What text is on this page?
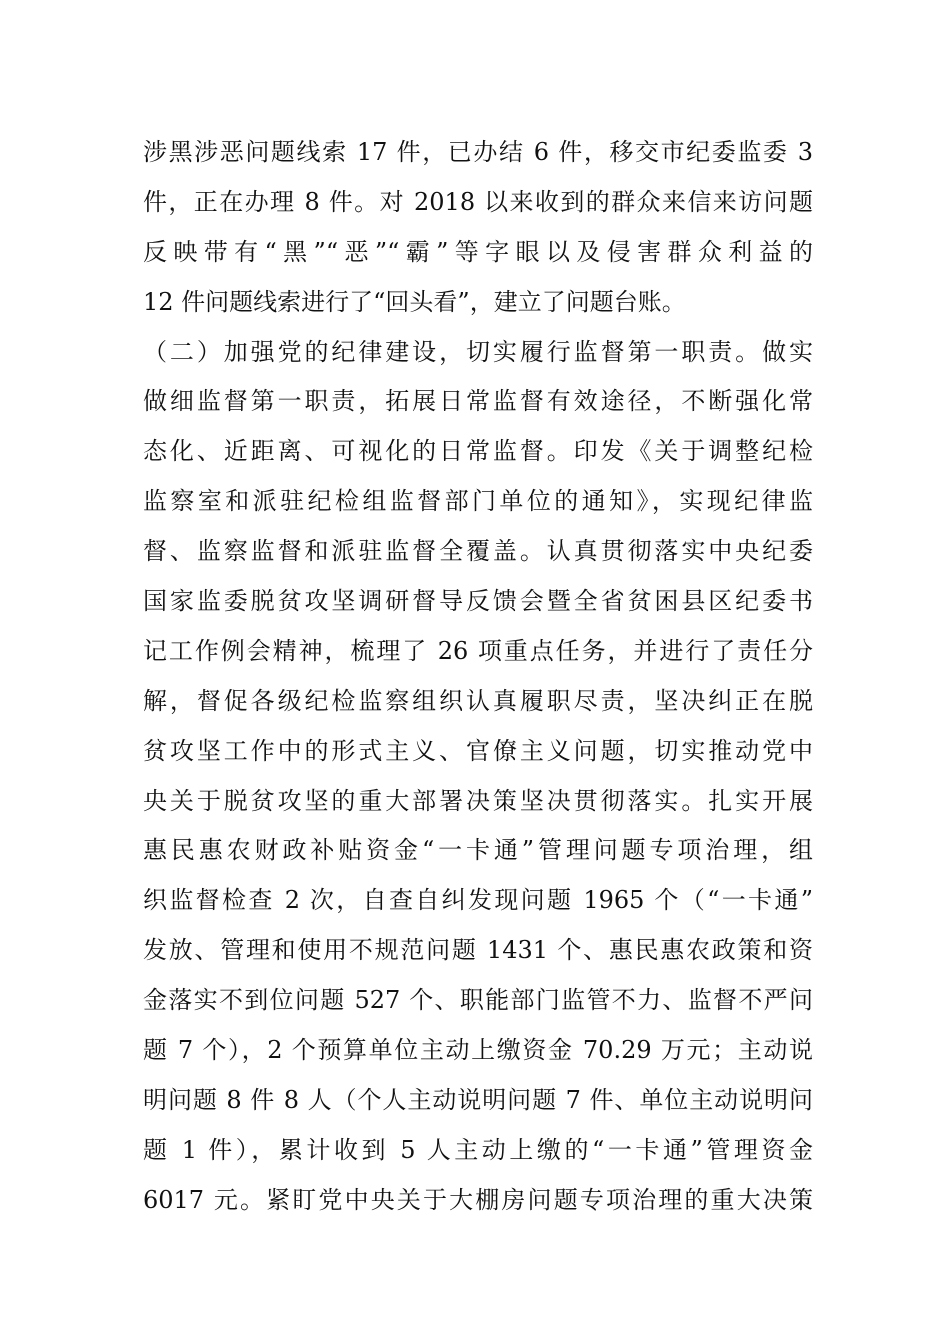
涉黑涉恶问题线索 17 件，已办结 6 件，移交市纪委监委 3
件，正在办理 8 件。对 2018 以来收到的群众来信来访问题
反映带有“黑”“恶”“霸”等字眼以及侵害群众利益的
12 件问题线索进行了“回头看”，建立了问题台账。
（二）加强党的纪律建设，切实履行监督第一职责。做实
做细监督第一职责，拓展日常监督有效途径，不断强化常
态化、近距离、可视化的日常监督。印发《关于调整纪检
监察室和派驻纪检组监督部门单位的通知》，实现纪律监
督、监察监督和派驻监督全覆盖。认真贯彻落实中央纪委
国家监委脱贫攻坚调研督导反馈会暨全省贫困县区纪委书
记工作例会精神，梳理了 26 项重点任务，并进行了责任分
解，督促各级纪检监察组织认真履职尽责，坚决纠正在脱
贫攻坚工作中的形式主义、官僚主义问题，切实推动党中
央关于脱贫攻坚的重大部署决策坚决贯彻落实。扎实开展
惠民惠农财政补贴资金“一卡通”管理问题专项治理，组
织监督检查 2 次，自查自纠发现问题 1965 个（“一卡通”
发放、管理和使用不规范问题 1431 个、惠民惠农政策和资
金落实不到位问题 527 个、职能部门监管不力、监督不严问
题 7 个），2 个预算单位主动上缴资金 70.29 万元；主动说
明问题 8 件 8 人（个人主动说明问题 7 件、单位主动说明问
题 1 件），累计收到 5 人主动上缴的“一卡通”管理资金
6017 元。紧盯党中央关于大棚房问题专项治理的重大决策
